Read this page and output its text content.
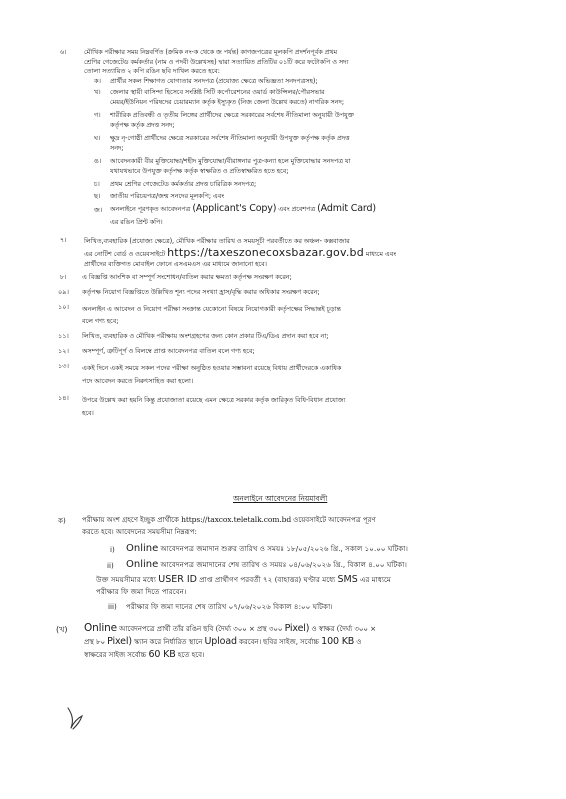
৬।	মৌখিক পরীক্ষার সময় নিম্নবর্ণিত (ক্রমিক নং-ক থেকে জ পর্যন্ত) কাগজপত্রের মূলকপি প্রদর্শনপূর্বক প্রথম
শ্রেণির গেজেটেড কর্মকর্তার (নাম ও পদবী উল্লেখসহ) দ্বারা সত্যায়িত প্রতিটির ০১টি করে ফটোকপি ও সদ্য
তোলা সত্যায়িত ২ কপি রঙিন ছবি দাখিল করতে হবে:
ক। প্রার্থীর সকল শিক্ষাগত যোগ্যতার সনদপত্র (প্রযোজ্য ক্ষেত্রে অভিজ্ঞতা সনদপত্রসহ);
খ। জেলার স্থায়ী বাসিন্দা হিসেবে সংশ্লিষ্ট সিটি কর্পোরেশনের ওয়ার্ড কাউন্সিলর/পৌরসভার
মেয়র/ইউনিয়ন পরিষদের চেয়ারম্যান কর্তৃক ইস্যুকৃত (নিজ জেলা উল্লেখ করতে) নাগরিক সনদ;
গ। শারীরিক প্রতিবন্ধী ও তৃতীয় লিঙ্গের প্রার্থীদের ক্ষেত্রে সরকারের সর্বশেষ নীতিমালা অনুযায়ী উপযুক্ত
কর্তৃপক্ষ কর্তৃক প্রদত্ত সনদ;
ঘ। ক্ষুদ্র নৃ-গোষ্ঠী প্রার্থীদের ক্ষেত্রে সরকারের সর্বশেষ নীতিমালা অনুযায়ী উপযুক্ত কর্তৃপক্ষ কর্তৃক প্রদত্ত
সনদ;
ঙ। আবেদনকারী বীর মুক্তিযোদ্ধা/শহীদ মুক্তিযোদ্ধা/বীরাঙ্গনার পুত্র-কন্যা হলে মুক্তিযোদ্ধার সনদপত্র যা
যথাযথভাবে উপযুক্ত কর্তৃপক্ষ কর্তৃক স্বাক্ষরিত ও প্রতিস্বাক্ষরিত হতে হবে;
চ। প্রথম শ্রেণির গেজেটেড কর্মকর্তার প্রদত্ত চারিত্রিক সনদপত্র;
ছ। জাতীয় পরিচয়পত্র/জন্ম সনদের মূলকপি; এবং
জ। অনলাইনে পূরণকৃত আবেদনপত্র (Applicant's Copy) এবং প্রবেশপত্র (Admit Card)
এর রঙিন প্রিন্ট কপি।
৭।	লিখিত,ব্যবহারিক (প্রযোজ্য ক্ষেত্রে), মৌখিক পরীক্ষার তারিখ ও সময়সূচী পরবর্তীতে কর অঞ্চল- কক্সবাজার
এর নোটিশ বোর্ড ও ওয়েবসাইটে https://taxeszonecoxsbazar.gov.bd মাধ্যমে এবং
প্রার্থীদের ব্যক্তিগত মোবাইল ফোনে এসএমএস এর মাধ্যমে জানানো হবে।
৮। এ বিজ্ঞপ্তি আংশিক বা সম্পূর্ণ সংশোধন/বাতিল করার ক্ষমতা কর্তৃপক্ষ সংরক্ষণ করেন;
০৯। কর্তৃপক্ষ নিয়োগ বিজ্ঞপ্তিতে উল্লিখিত শূন্য পদের সংখ্যা হ্রাস/বৃদ্ধি করার অধিকার সংরক্ষণ করেন;
১০। অনলাইন এ আবেদন ও নিয়োগ পরীক্ষা সংক্রান্ত যেকোনো বিষয়ে নিয়োগকারী কর্তৃপক্ষের সিদ্ধান্তই চূড়ান্ত
বলে গণ্য হবে;
১১। লিখিত, ব্যবহারিক ও মৌখিক পরীক্ষায় অংশগ্রহণের জন্য কোন প্রকার টিএ/ডিএ প্রদান করা হবে না;
১২। অসম্পূর্ণ, ত্রুটিপূর্ণ ও বিলম্বে প্রাপ্ত আবেদনপত্র বাতিল বলে গণ্য হবে;
১৩। একই দিনে একই সময়ে সকল পদের পরীক্ষা অনুষ্ঠিত হওয়ার সম্ভাবনা রয়েছে বিধায় প্রার্থীদেরকে একাধিক
পদে আবেদন করতে নিরুৎসাহিত করা হলো।
১৪। উপরে উল্লেখ করা হয়নি কিন্তু প্রযোজ্যতা রয়েছে এমন ক্ষেত্রে সরকার কর্তৃক জারিকৃত বিধি-বিধান প্রযোজ্য
হবে।
অনলাইনে আবেদনের নিয়মাবলী
ক) পরীক্ষায় অংশ গ্রহণে ইচ্ছুক প্রার্থীকে https://taxcox.teletalk.com.bd ওয়েবসাইটে আবেদনপত্র পূরণ
করতে হবে। আবেদনের সময়সীমা নিম্নরূপ:
i) Online আবেদনপত্র জমাদান শুরুর তারিখ ও সময়ঃ ১৮/০৫/২০২৬ খ্রি., সকাল ১০.০০ ঘটিকা।
ii) Online আবেদনপত্র জমাদানের শেষ তারিখ ও সময়ঃ ০৪/০৬/২০২৬ খ্রি., বিকাল ৪.০০ ঘটিকা।
উক্ত সময়সীমার মধ্যে USER ID প্রাপ্ত প্রার্থীগণ পরবর্তী ৭২ (বাহাত্তর) ঘণ্টার মধ্যে SMS এর মাধ্যমে
পরীক্ষার ফি জমা দিতে পারবেন।
iii) পরীক্ষার ফি জমা দানের শেষ তারিখ ০৭/০৬/২০২৬ বিকাল ৪:০০ ঘটিকা।
(খ) Online আবেদনপত্রে প্রার্থী তাঁর রঙিন ছবি (দৈর্ঘ্য ৩০০ × প্রস্থ ৩০০ Pixel) ও স্বাক্ষর (দৈর্ঘ্য ৩০০ ×
প্রস্থ ৮০ Pixel) স্ক্যান করে নির্ধারিত স্থানে Upload করবেন। ছবির সাইজ, সর্বোচ্চ 100 KB ও
স্বাক্ষরের সাইজ সর্বোচ্চ 60 KB হতে হবে।
